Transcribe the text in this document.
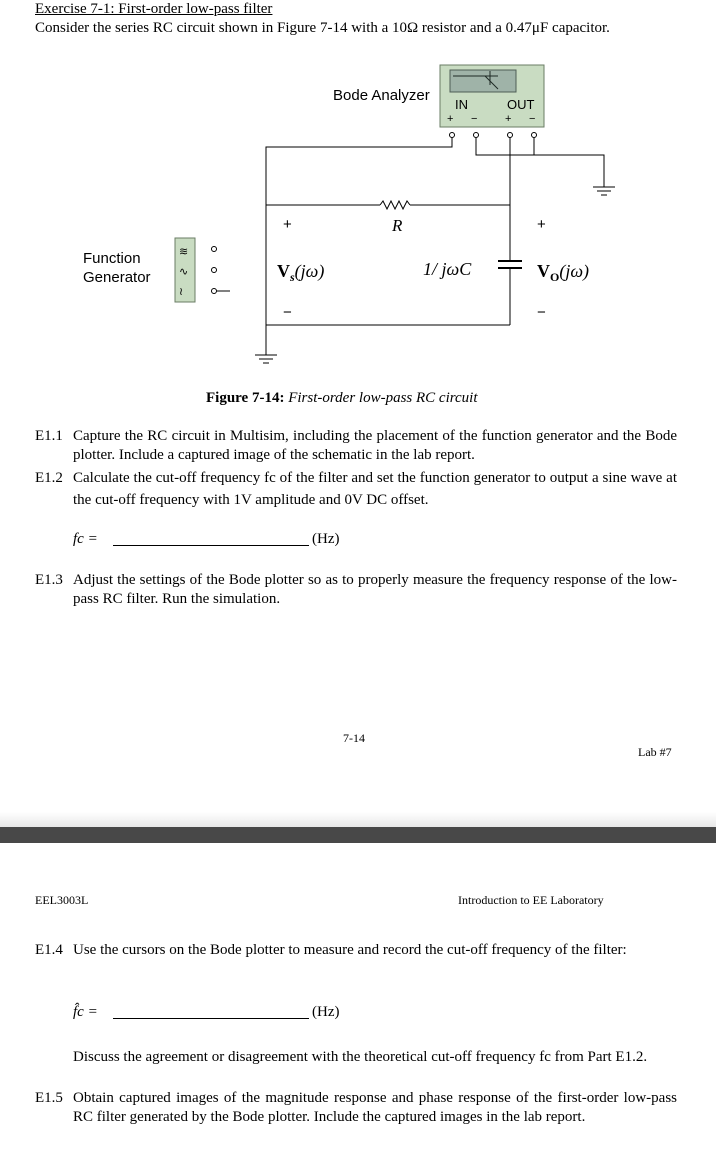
Exercise 7-1: First-order low-pass filter
Consider the series RC circuit shown in Figure 7-14 with a 10Ω resistor and a 0.47μF capacitor.
Bode Analyzer
IN	OUT
+ −	+ −
R
≋
∿
≀
Function
Generator
+
−
+
−
$V_s(j\omega)$	1/ jωC	$V_O(j\omega)$
Figure 7-14: First-order low-pass RC circuit
E1.1 Capture the RC circuit in Multisim, including the placement of the function generator and the Bode plotter. Include a captured image of the schematic in the lab report.
E1.2 Calculate the cut-off frequency fc of the filter and set the function generator to output a sine wave at the cut-off frequency with 1V amplitude and 0V DC offset.
fc =	(Hz)
E1.3 Adjust the settings of the Bode plotter so as to properly measure the frequency response of the low-pass RC filter. Run the simulation.
7-14
Lab #7
EEL3003L	Introduction to EE Laboratory
E1.4 Use the cursors on the Bode plotter to measure and record the cut-off frequency of the filter:
f̂c =	(Hz)
Discuss the agreement or disagreement with the theoretical cut-off frequency fc from Part E1.2.
E1.5 Obtain captured images of the magnitude response and phase response of the first-order low-pass RC filter generated by the Bode plotter. Include the captured images in the lab report.
